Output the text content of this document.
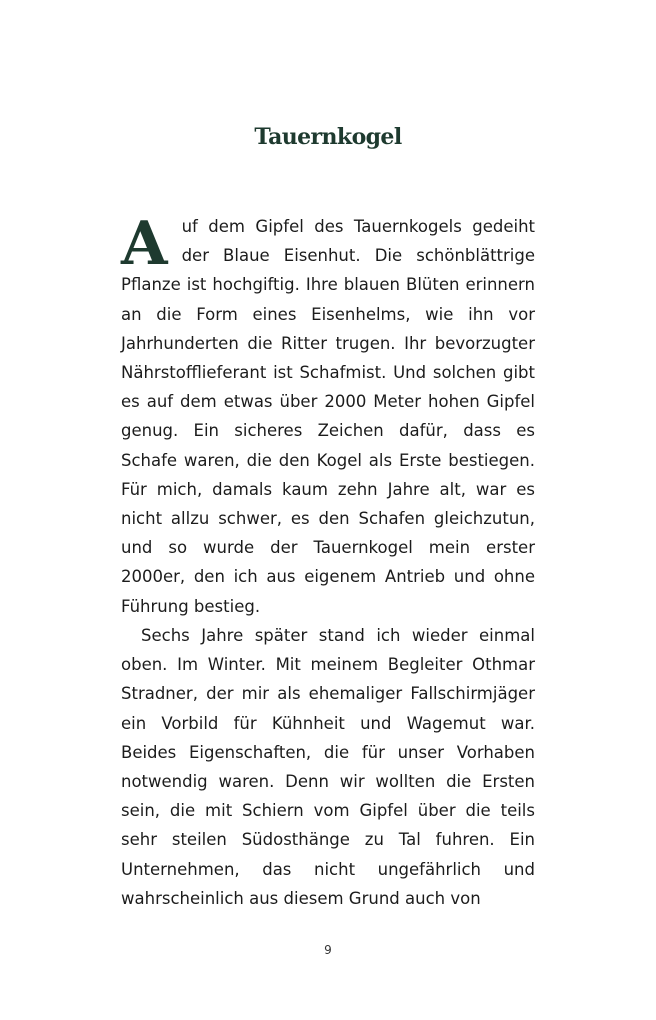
Tauernkogel

Auf dem Gipfel des Tauernkogels gedeiht der Blaue Eisenhut. Die schönblättrige Pflanze ist hochgiftig. Ihre blauen Blüten erinnern an die Form eines Eisenhelms, wie ihn vor Jahrhunderten die Ritter trugen. Ihr bevorzugter Nährstofflieferant ist Schafmist. Und solchen gibt es auf dem etwas über 2000 Meter hohen Gipfel genug. Ein sicheres Zeichen dafür, dass es Schafe waren, die den Kogel als Erste bestiegen. Für mich, damals kaum zehn Jahre alt, war es nicht allzu schwer, es den Schafen gleichzutun, und so wurde der Tauernkogel mein erster 2000er, den ich aus eigenem Antrieb und ohne Führung bestieg.

Sechs Jahre später stand ich wieder einmal oben. Im Winter. Mit meinem Begleiter Othmar Stradner, der mir als ehemaliger Fallschirmjäger ein Vorbild für Kühnheit und Wagemut war. Beides Eigenschaften, die für unser Vorhaben notwendig waren. Denn wir wollten die Ersten sein, die mit Schiern vom Gipfel über die teils sehr steilen Südosthänge zu Tal fuhren. Ein Unternehmen, das nicht ungefährlich und wahrscheinlich aus diesem Grund auch von

9
